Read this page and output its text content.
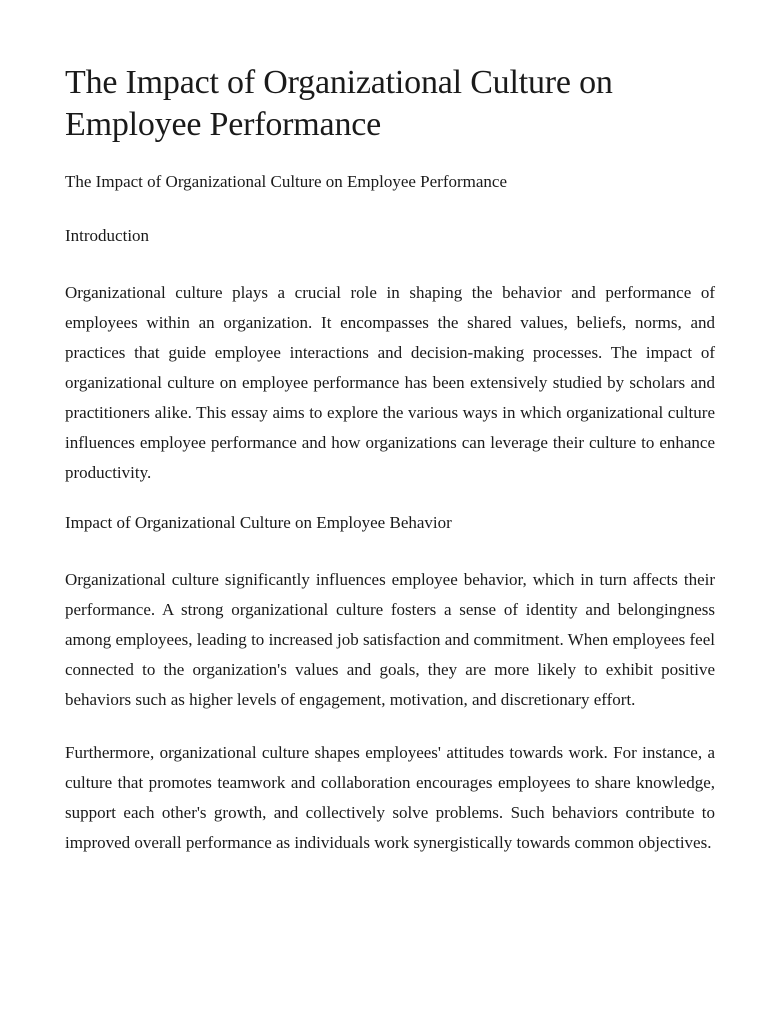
The Impact of Organizational Culture on Employee Performance

The Impact of Organizational Culture on Employee Performance

Introduction

Organizational culture plays a crucial role in shaping the behavior and performance of employees within an organization. It encompasses the shared values, beliefs, norms, and practices that guide employee interactions and decision-making processes. The impact of organizational culture on employee performance has been extensively studied by scholars and practitioners alike. This essay aims to explore the various ways in which organizational culture influences employee performance and how organizations can leverage their culture to enhance productivity.

Impact of Organizational Culture on Employee Behavior

Organizational culture significantly influences employee behavior, which in turn affects their performance. A strong organizational culture fosters a sense of identity and belongingness among employees, leading to increased job satisfaction and commitment. When employees feel connected to the organization's values and goals, they are more likely to exhibit positive behaviors such as higher levels of engagement, motivation, and discretionary effort.

Furthermore, organizational culture shapes employees' attitudes towards work. For instance, a culture that promotes teamwork and collaboration encourages employees to share knowledge, support each other's growth, and collectively solve problems. Such behaviors contribute to improved overall performance as individuals work synergistically towards common objectives.
